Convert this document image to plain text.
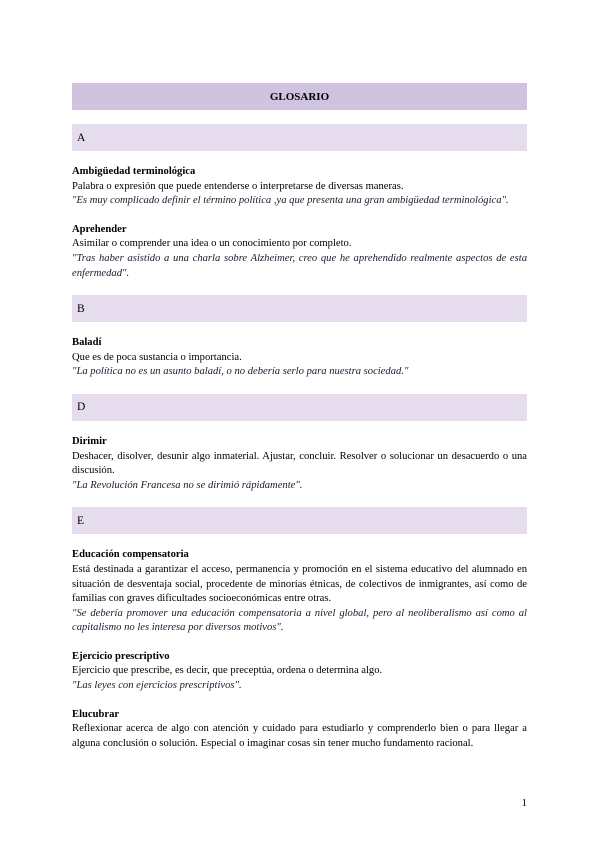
GLOSARIO
A
Ambigüedad terminológica
Palabra o expresión que puede entenderse o interpretarse de diversas maneras.
"Es muy complicado definir el término política ,ya que presenta una gran ambigüedad terminológica".
Aprehender
Asimilar o comprender una idea o un conocimiento por completo.
"Tras haber asistido a una charla sobre Alzheimer, creo que he aprehendido realmente aspectos de esta enfermedad".
B
Baladí
Que es de poca sustancia o importancia.
"La política no es un asunto baladí, o no debería serlo para nuestra sociedad."
D
Dirimir
Deshacer, disolver, desunir algo inmaterial. Ajustar, concluir. Resolver o solucionar un desacuerdo o una discusión.
"La Revolución Francesa no se dirimió rápidamente".
E
Educación compensatoria
Está destinada a garantizar el acceso, permanencia y promoción en el sistema educativo del alumnado en situación de desventaja social, procedente de minorías étnicas, de colectivos de inmigrantes, así como de familias con graves dificultades socioeconómicas entre otras.
"Se debería promover una educación compensatoria a nivel global, pero al neoliberalismo así como al capitalismo no les interesa por diversos motivos".
Ejercicio prescriptivo
Ejercicio que prescribe, es decir, que preceptúa, ordena o determina algo.
"Las leyes con ejercicios prescriptivos".
Elucubrar
Reflexionar acerca de algo con atención y cuidado para estudiarlo y comprenderlo bien o para llegar a alguna conclusión o solución. Especial o imaginar cosas sin tener mucho fundamento racional.
1
